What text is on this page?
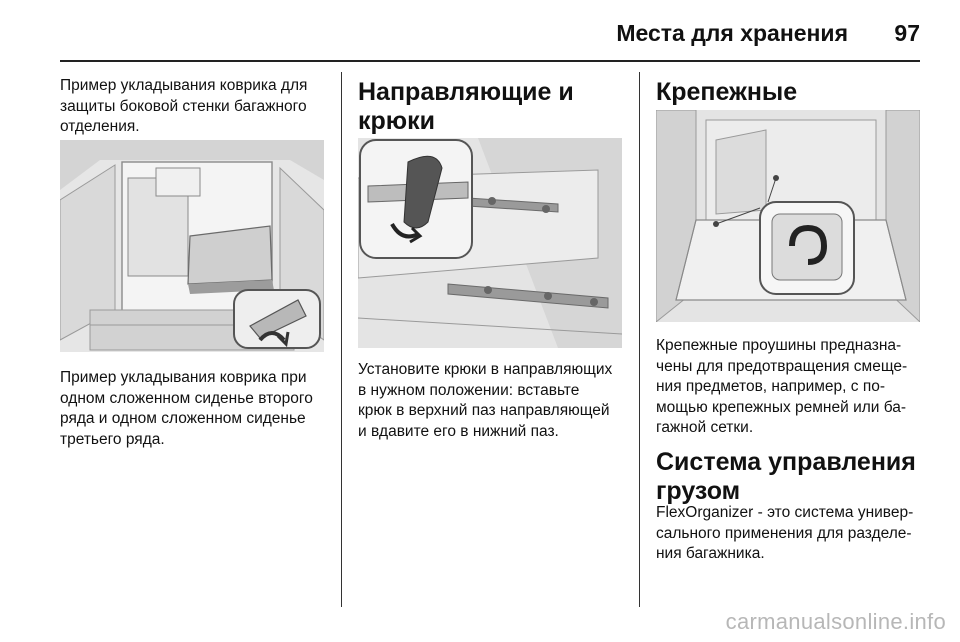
Места для хранения 97

Пример укладывания коврика для
защиты боковой стенки багажного
отделения.

Пример укладывания коврика при
одном сложенном сиденье второго
ряда и одном сложенном сиденье
третьего ряда.

Направляющие и крюки

Установите крюки в направляющих
в нужном положении: вставьте
крюк в верхний паз направляющей
и вдавите его в нижний паз.

Крепежные

Крепежные проушины предназна-
чены для предотвращения смеще-
ния предметов, например, с по-
мощью крепежных ремней или ба-
гажной сетки.

Система управления
грузом

FlexOrganizer - это система универ-
сального применения для разделе-
ния багажника.

carmanualsonline.info
